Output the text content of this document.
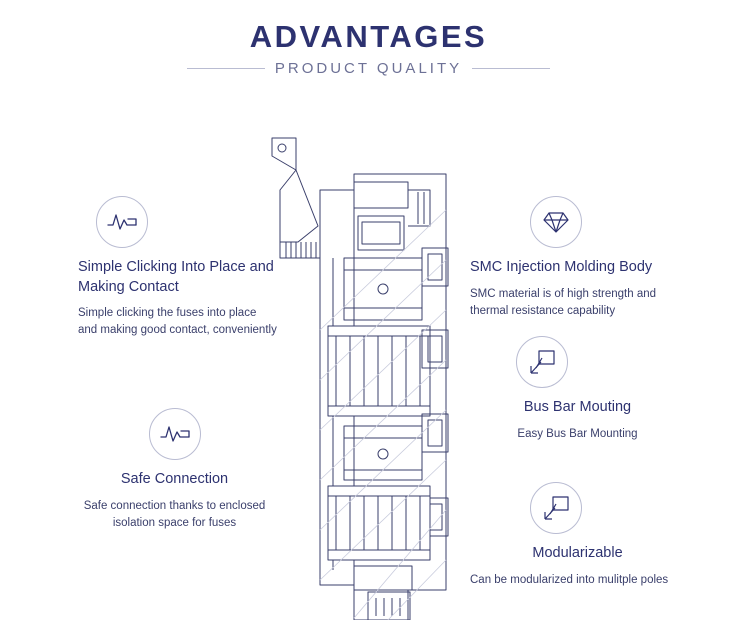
ADVANTAGES
PRODUCT QUALITY
Simple Clicking Into Place and Making Contact
Simple clicking the fuses into place and making good contact, conveniently
Safe Connection
Safe connection thanks to enclosed isolation space for fuses
SMC Injection Molding Body
SMC material is of high strength and thermal resistance capability
Bus Bar Mouting
Easy Bus Bar Mounting
Modularizable
Can be modularized into mulitple poles
